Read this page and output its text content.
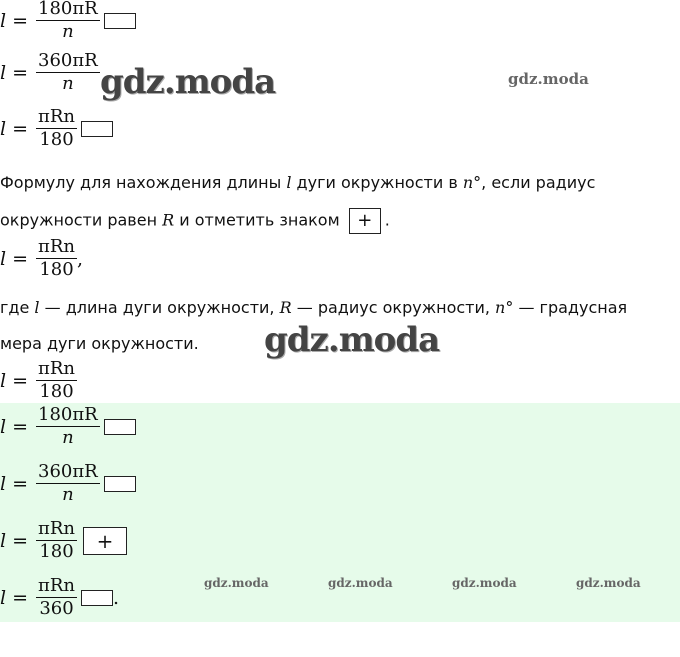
$l = \frac{180\pi R}{n}$
$l = \frac{360\pi R}{n}$
$l = \frac{\text{πRn}}{180}$
Формулу для нахождения длины l дуги окружности в n°, если радиус
окружности равен R и отметить знаком + .
$l = \frac{\text{πRn}}{180}$ ,
где l — длина дуги окружности, R — радиус окружности, n° — градусная
мера дуги окружности.
$l = \frac{\text{πRn}}{180}$
$l = \frac{180\pi R}{n}$
$l = \frac{360\pi R}{n}$
$l = \frac{\text{πRn}}{180}$ +
$l = \frac{\text{πRn}}{360}$ .
gdz.moda	gdz.moda
gdz.moda
gdz.moda	gdz.moda	gdz.moda	gdz.moda
